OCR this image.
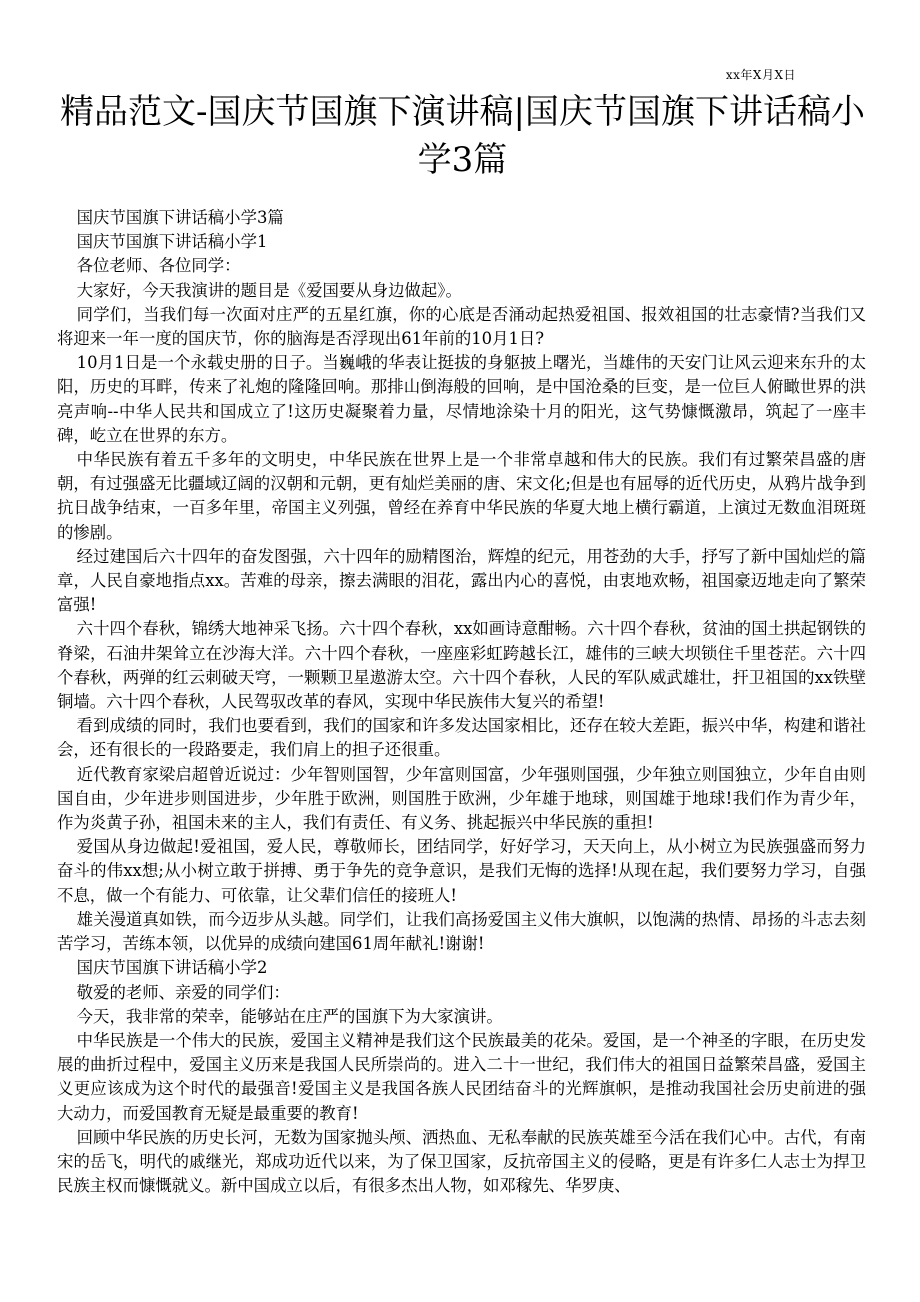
xx年X月X日
精品范文-国庆节国旗下演讲稿|国庆节国旗下讲话稿小学3篇

国庆节国旗下讲话稿小学3篇

国庆节国旗下讲话稿小学1

各位老师、各位同学：

大家好，今天我演讲的题目是《爱国要从身边做起》。

同学们，当我们每一次面对庄严的五星红旗，你的心底是否涌动起热爱祖国、报效祖国的壮志豪情?当我们又将迎来一年一度的国庆节，你的脑海是否浮现出61年前的10月1日?

10月1日是一个永载史册的日子。当巍峨的华表让挺拔的身躯披上曙光，当雄伟的天安门让风云迎来东升的太阳，历史的耳畔，传来了礼炮的隆隆回响。那排山倒海般的回响，是中国沧桑的巨变，是一位巨人俯瞰世界的洪亮声响--中华人民共和国成立了!这历史凝聚着力量，尽情地涂染十月的阳光，这气势慷慨激昂，筑起了一座丰碑，屹立在世界的东方。

中华民族有着五千多年的文明史，中华民族在世界上是一个非常卓越和伟大的民族。我们有过繁荣昌盛的唐朝，有过强盛无比疆域辽阔的汉朝和元朝，更有灿烂美丽的唐、宋文化;但是也有屈辱的近代历史，从鸦片战争到抗日战争结束，一百多年里，帝国主义列强，曾经在养育中华民族的华夏大地上横行霸道，上演过无数血泪斑斑的惨剧。

经过建国后六十四年的奋发图强，六十四年的励精图治，辉煌的纪元，用苍劲的大手，抒写了新中国灿烂的篇章，人民自豪地指点xx。苦难的母亲，擦去满眼的泪花，露出内心的喜悦，由衷地欢畅，祖国豪迈地走向了繁荣富强!

六十四个春秋，锦绣大地神采飞扬。六十四个春秋，xx如画诗意酣畅。六十四个春秋，贫油的国土拱起钢铁的脊梁，石油井架耸立在沙海大洋。六十四个春秋，一座座彩虹跨越长江，雄伟的三峡大坝锁住千里苍茫。六十四个春秋，两弹的红云刺破天穹，一颗颗卫星遨游太空。六十四个春秋，人民的军队威武雄壮，扞卫祖国的xx铁壁铜墙。六十四个春秋，人民驾驭改革的春风，实现中华民族伟大复兴的希望!

看到成绩的同时，我们也要看到，我们的国家和许多发达国家相比，还存在较大差距，振兴中华，构建和谐社会，还有很长的一段路要走，我们肩上的担子还很重。

近代教育家梁启超曾近说过：少年智则国智，少年富则国富，少年强则国强，少年独立则国独立，少年自由则国自由，少年进步则国进步，少年胜于欧洲，则国胜于欧洲，少年雄于地球，则国雄于地球!我们作为青少年，作为炎黄子孙，祖国未来的主人，我们有责任、有义务、挑起振兴中华民族的重担!

爱国从身边做起!爱祖国，爱人民，尊敬师长，团结同学，好好学习，天天向上，从小树立为民族强盛而努力奋斗的伟xx想;从小树立敢于拼搏、勇于争先的竞争意识，是我们无悔的选择!从现在起，我们要努力学习，自强不息，做一个有能力、可依靠，让父辈们信任的接班人!

雄关漫道真如铁，而今迈步从头越。同学们，让我们高扬爱国主义伟大旗帜，以饱满的热情、昂扬的斗志去刻苦学习，苦练本领，以优异的成绩向建国61周年献礼!谢谢!

国庆节国旗下讲话稿小学2

敬爱的老师、亲爱的同学们：

今天，我非常的荣幸，能够站在庄严的国旗下为大家演讲。

中华民族是一个伟大的民族，爱国主义精神是我们这个民族最美的花朵。爱国，是一个神圣的字眼，在历史发展的曲折过程中，爱国主义历来是我国人民所崇尚的。进入二十一世纪，我们伟大的祖国日益繁荣昌盛，爱国主义更应该成为这个时代的最强音!爱国主义是我国各族人民团结奋斗的光辉旗帜，是推动我国社会历史前进的强大动力，而爱国教育无疑是最重要的教育!

回顾中华民族的历史长河，无数为国家抛头颅、洒热血、无私奉献的民族英雄至今活在我们心中。古代，有南宋的岳飞，明代的戚继光，郑成功近代以来，为了保卫国家，反抗帝国主义的侵略，更是有许多仁人志士为捍卫民族主权而慷慨就义。新中国成立以后，有很多杰出人物，如邓稼先、华罗庚、
